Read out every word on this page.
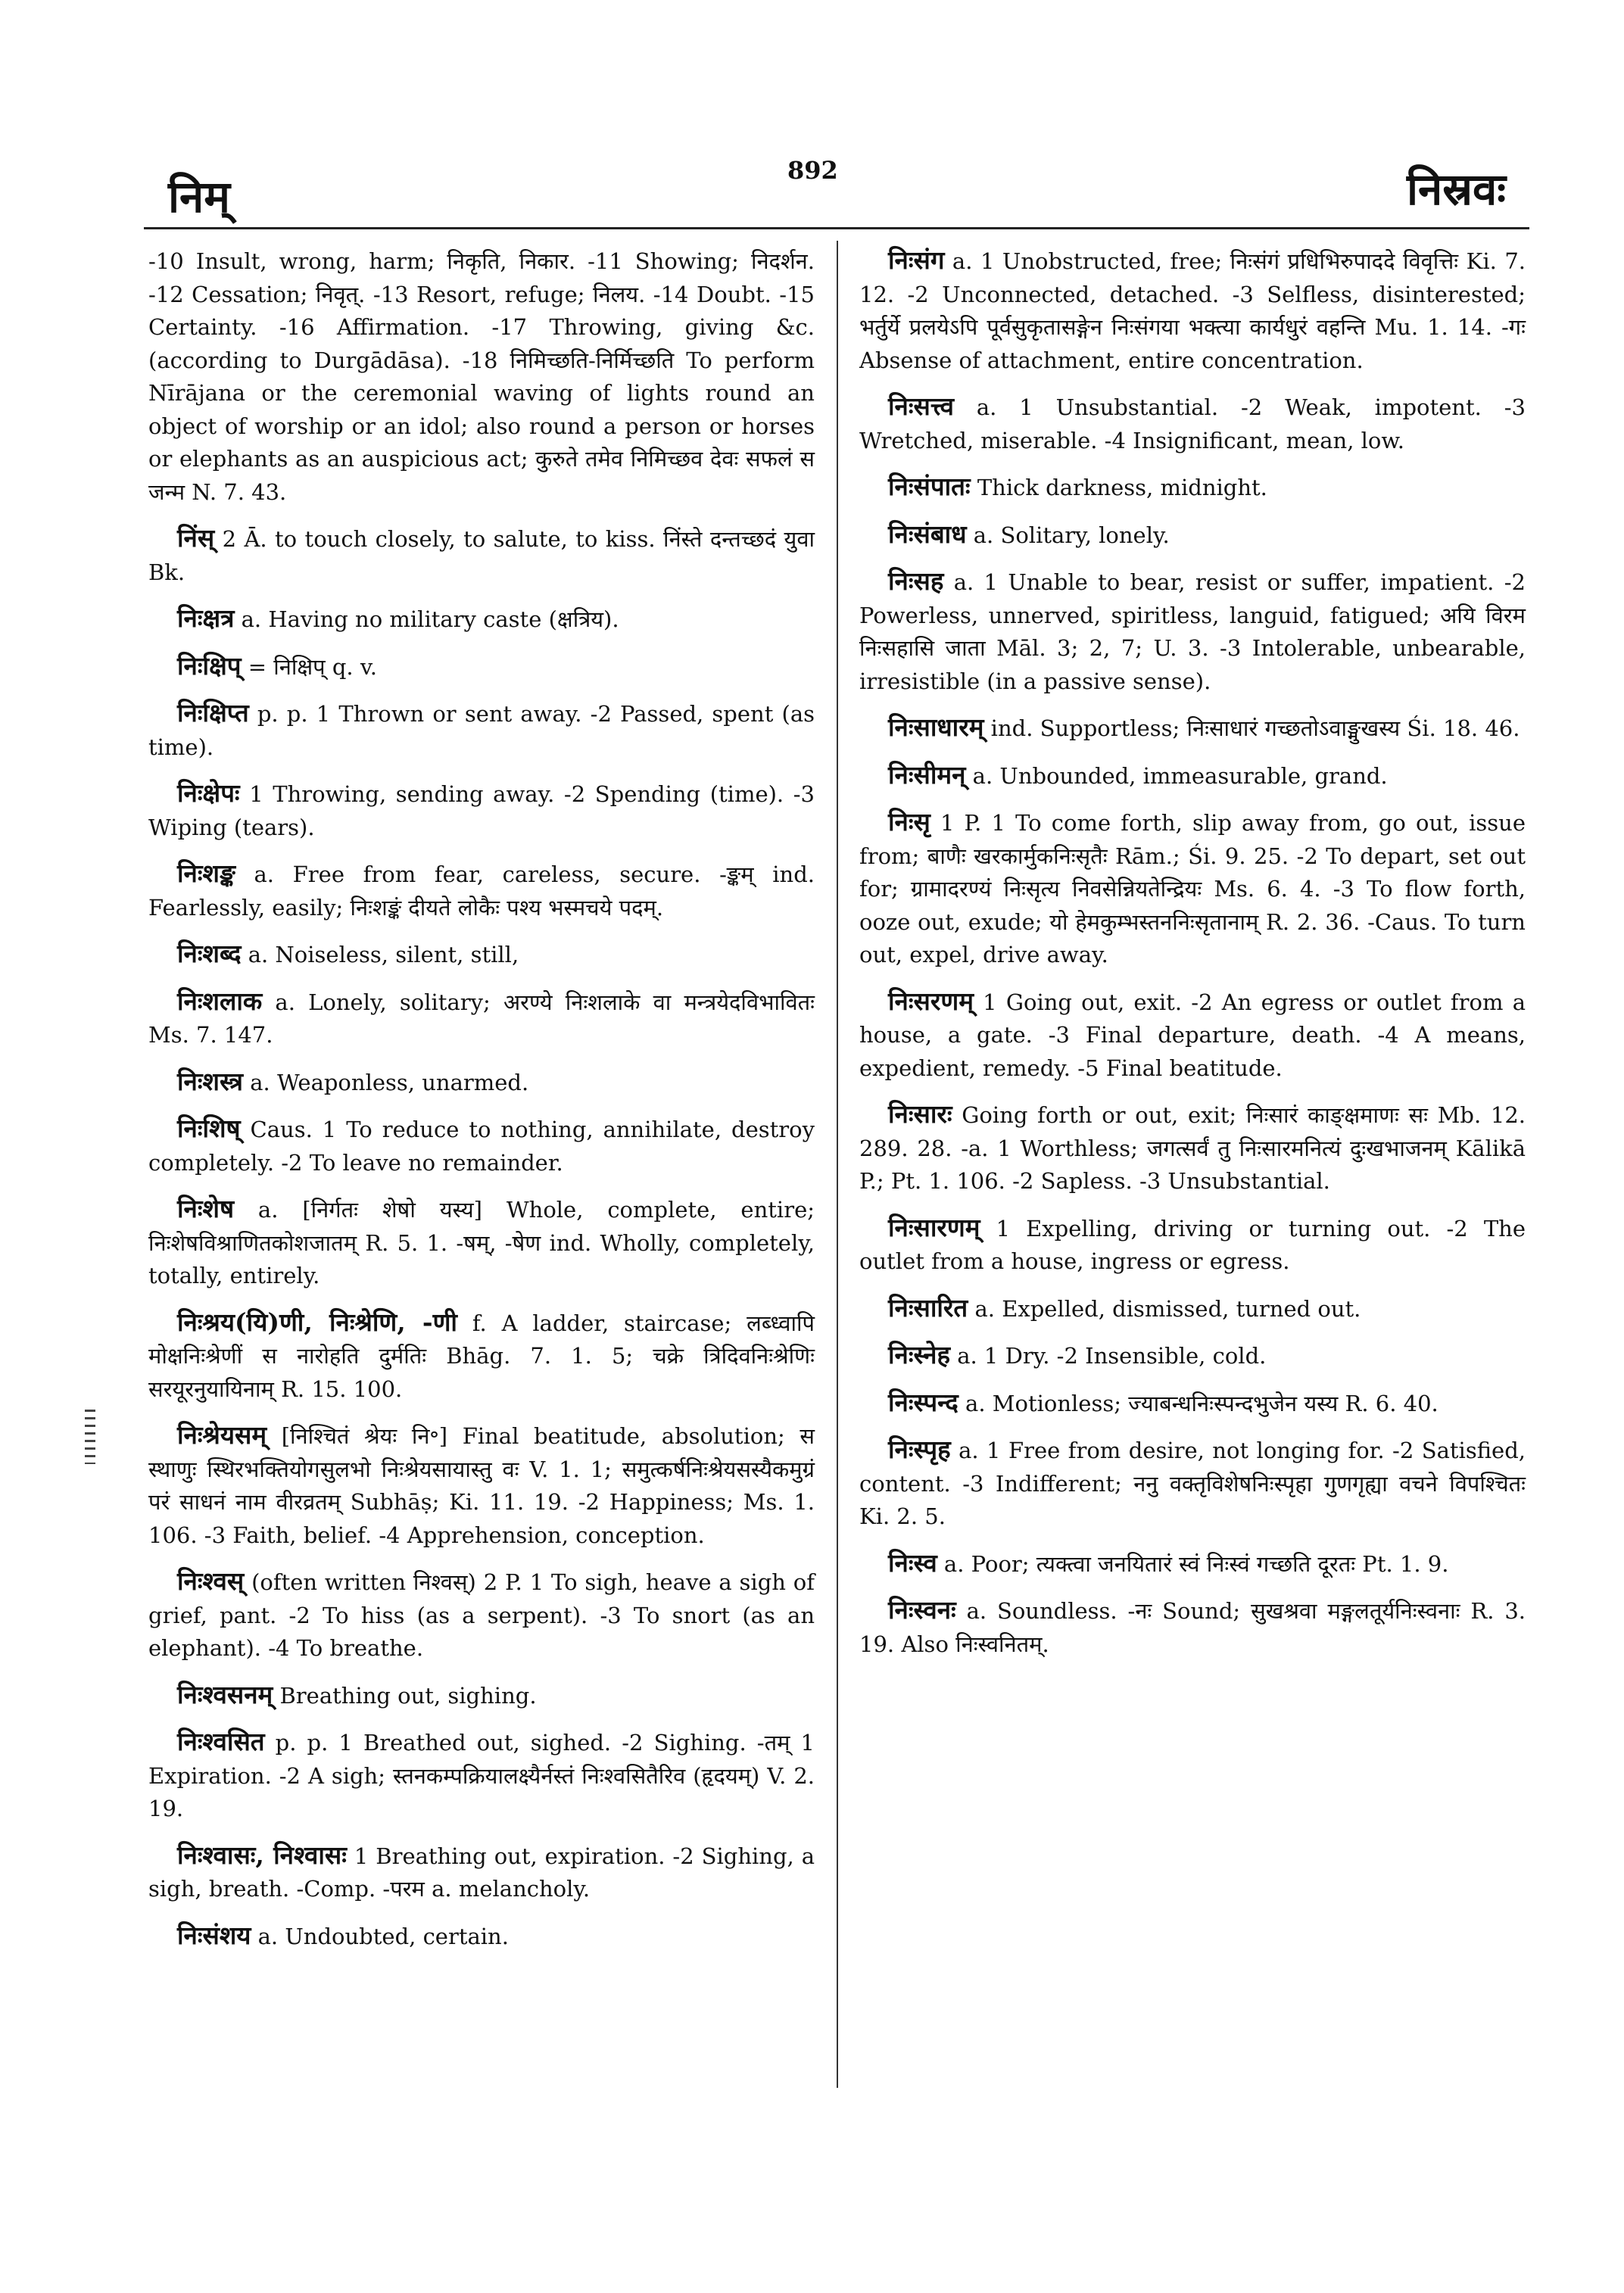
निम्
892	निस्रवः

-10 Insult, wrong, harm; निकृति, निकार. -11 Showing; निदर्शन. -12 Cessation; निवृत्. -13 Resort, refuge; निलय. -14 Doubt. -15 Certainty. -16 Affirmation. -17 Throwing, giving &c. (according to Durgādāsa). -18 निमिच्छति-निर्मिच्छति To perform Nīrājana or the ceremonial waving of lights round an object of worship or an idol; also round a person or horses or elephants as an auspicious act; कुरुते तमेव निमिच्छव देवः सफलं स जन्म N. 7. 43.

निंस् 2 Ā. to touch closely, to salute, to kiss. निंस्ते दन्तच्छदं युवा Bk.

निःक्षत्र a. Having no military caste (क्षत्रिय).

निःक्षिप् = निक्षिप् q. v.

निःक्षिप्त p. p. 1 Thrown or sent away. -2 Passed, spent (as time).

निःक्षेपः 1 Throwing, sending away. -2 Spending (time). -3 Wiping (tears).

निःशङ्क a. Free from fear, careless, secure. -ङ्कम् ind. Fearlessly, easily; निःशङ्कं दीयते लोकैः पश्य भस्मचये पदम्.

निःशब्द a. Noiseless, silent, still,

निःशलाक a. Lonely, solitary; अरण्ये निःशलाके वा मन्त्रयेदविभावितः Ms. 7. 147.

निःशस्त्र a. Weaponless, unarmed.

निःशिष् Caus. 1 To reduce to nothing, annihilate, destroy completely. -2 To leave no remainder.

निःशेष a. [निर्गतः शेषो यस्य] Whole, complete, entire; निःशेषविश्राणितकोशजातम् R. 5. 1. -षम्, -षेण ind. Wholly, completely, totally, entirely.

निःश्रय(यि)णी, निःश्रेणि, -णी f. A ladder, staircase; लब्ध्वापि मोक्षनिःश्रेणीं स नारोहति दुर्मतिः Bhāg. 7. 1. 5; चक्रे त्रिदिवनिःश्रेणिः सरयूरनुयायिनाम् R. 15. 100.

निःश्रेयसम् [निश्चितं श्रेयः नि॰] Final beatitude, absolution; स स्थाणुः स्थिरभक्तियोगसुलभो निःश्रेयसायास्तु वः V. 1. 1; समुत्कर्षनिःश्रेयसस्यैकमुग्रं परं साधनं नाम वीरव्रतम् Subhāṣ; Ki. 11. 19. -2 Happiness; Ms. 1. 106. -3 Faith, belief. -4 Apprehension, conception.

निःश्वस् (often written निश्वस्) 2 P. 1 To sigh, heave a sigh of grief, pant. -2 To hiss (as a serpent). -3 To snort (as an elephant). -4 To breathe.

निःश्वसनम् Breathing out, sighing.

निःश्वसित p. p. 1 Breathed out, sighed. -2 Sighing. -तम् 1 Expiration. -2 A sigh; स्तनकम्पक्रियालक्ष्यैर्नस्तं निःश्वसितैरिव (हृदयम्) V. 2. 19.

निःश्वासः, निश्वासः 1 Breathing out, expiration. -2 Sighing, a sigh, breath. -Comp. -परम a. melancholy.

निःसंशय a. Undoubted, certain.

निःसंग a. 1 Unobstructed, free; निःसंगं प्रधिभिरुपाददे विवृत्तिः Ki. 7. 12. -2 Unconnected, detached. -3 Selfless, disinterested; भर्तुर्ये प्रलयेऽपि पूर्वसुकृतासङ्गेन निःसंगया भक्त्या कार्यधुरं वहन्ति Mu. 1. 14. -गः Absense of attachment, entire concentration.

निःसत्त्व a. 1 Unsubstantial. -2 Weak, impotent. -3 Wretched, miserable. -4 Insignificant, mean, low.

निःसंपातः Thick darkness, midnight.

निःसंबाध a. Solitary, lonely.

निःसह a. 1 Unable to bear, resist or suffer, impatient. -2 Powerless, unnerved, spiritless, languid, fatigued; अयि विरम निःसहासि जाता Māl. 3; 2, 7; U. 3. -3 Intolerable, unbearable, irresistible (in a passive sense).

निःसाधारम् ind. Supportless; निःसाधारं गच्छतोऽवाङ्मुखस्य Śi. 18. 46.

निःसीमन् a. Unbounded, immeasurable, grand.

निःसृ 1 P. 1 To come forth, slip away from, go out, issue from; बाणैः खरकार्मुकनिःसृतैः Rām.; Śi. 9. 25. -2 To depart, set out for; ग्रामादरण्यं निःसृत्य निवसेन्नियतेन्द्रियः Ms. 6. 4. -3 To flow forth, ooze out, exude; यो हेमकुम्भस्तननिःसृतानाम् R. 2. 36. -Caus. To turn out, expel, drive away.

निःसरणम् 1 Going out, exit. -2 An egress or outlet from a house, a gate. -3 Final departure, death. -4 A means, expedient, remedy. -5 Final beatitude.

निःसारः Going forth or out, exit; निःसारं काङ्क्षमाणः सः Mb. 12. 289. 28. -a. 1 Worthless; जगत्सर्वं तु निःसारमनित्यं दुःखभाजनम् Kālikā P.; Pt. 1. 106. -2 Sapless. -3 Unsubstantial.

निःसारणम् 1 Expelling, driving or turning out. -2 The outlet from a house, ingress or egress.

निःसारित a. Expelled, dismissed, turned out.

निःस्नेह a. 1 Dry. -2 Insensible, cold.

निःस्पन्द a. Motionless; ज्याबन्धनिःस्पन्दभुजेन यस्य R. 6. 40.

निःस्पृह a. 1 Free from desire, not longing for. -2 Satisfied, content. -3 Indifferent; ननु वक्तृविशेषनिःस्पृहा गुणगृह्या वचने विपश्चितः Ki. 2. 5.

निःस्व a. Poor; त्यक्त्वा जनयितारं स्वं निःस्वं गच्छति दूरतः Pt. 1. 9.

निःस्वनः a. Soundless. -नः Sound; सुखश्रवा मङ्गलतूर्यनिःस्वनाः R. 3. 19. Also निःस्वनितम्.
